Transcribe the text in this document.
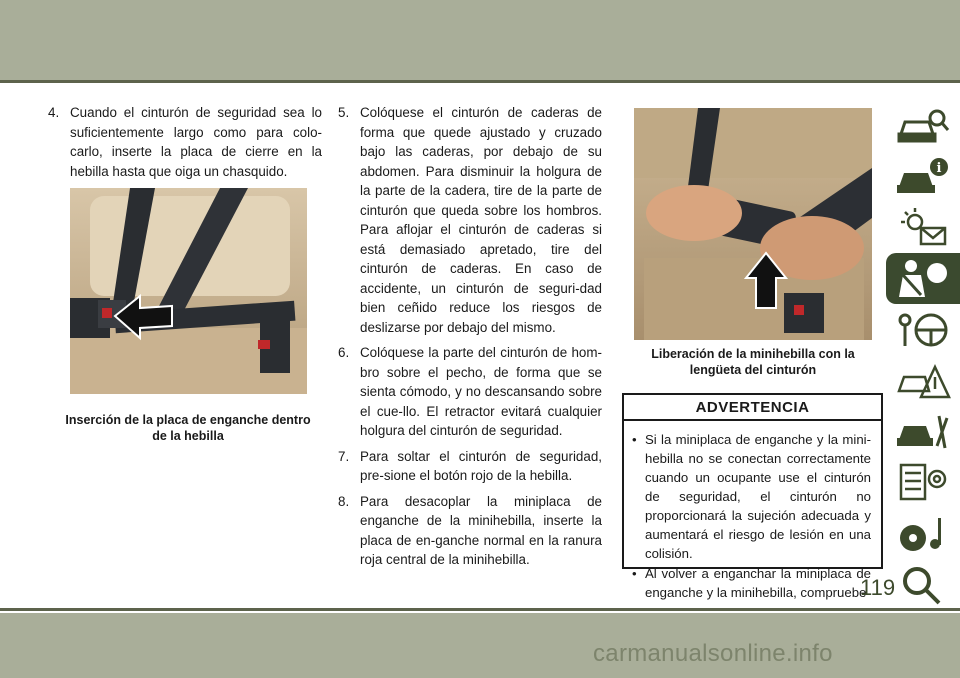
4. Cuando el cinturón de seguridad sea lo suficientemente largo como para colo-carlo, inserte la placa de cierre en la hebilla hasta que oiga un chasquido.
Inserción de la placa de enganche dentro de la hebilla
5. Colóquese el cinturón de caderas de forma que quede ajustado y cruzado bajo las caderas, por debajo de su abdomen. Para disminuir la holgura de la parte de la cadera, tire de la parte de cinturón que queda sobre los hombros. Para aflojar el cinturón de caderas si está demasiado apretado, tire del cinturón de caderas. En caso de accidente, un cinturón de seguri-dad bien ceñido reduce los riesgos de deslizarse por debajo del mismo.
6. Colóquese la parte del cinturón de hom-bro sobre el pecho, de forma que se sienta cómodo, y no descansando sobre el cue-llo. El retractor evitará cualquier holgura del cinturón de seguridad.
7. Para soltar el cinturón de seguridad, pre-sione el botón rojo de la hebilla.
8. Para desacoplar la miniplaca de enganche de la minihebilla, inserte la placa de en-ganche normal en la ranura roja central de la minihebilla.
Liberación de la minihebilla con la lengüeta del cinturón
ADVERTENCIA
• Si la miniplaca de enganche y la mini-hebilla no se conectan correctamente cuando un ocupante use el cinturón de seguridad, el cinturón no proporcionará la sujeción adecuada y aumentará el riesgo de lesión en una colisión.
• Al volver a enganchar la miniplaca de enganche y la minihebilla, compruebe
i
119
carmanualsonline.info
